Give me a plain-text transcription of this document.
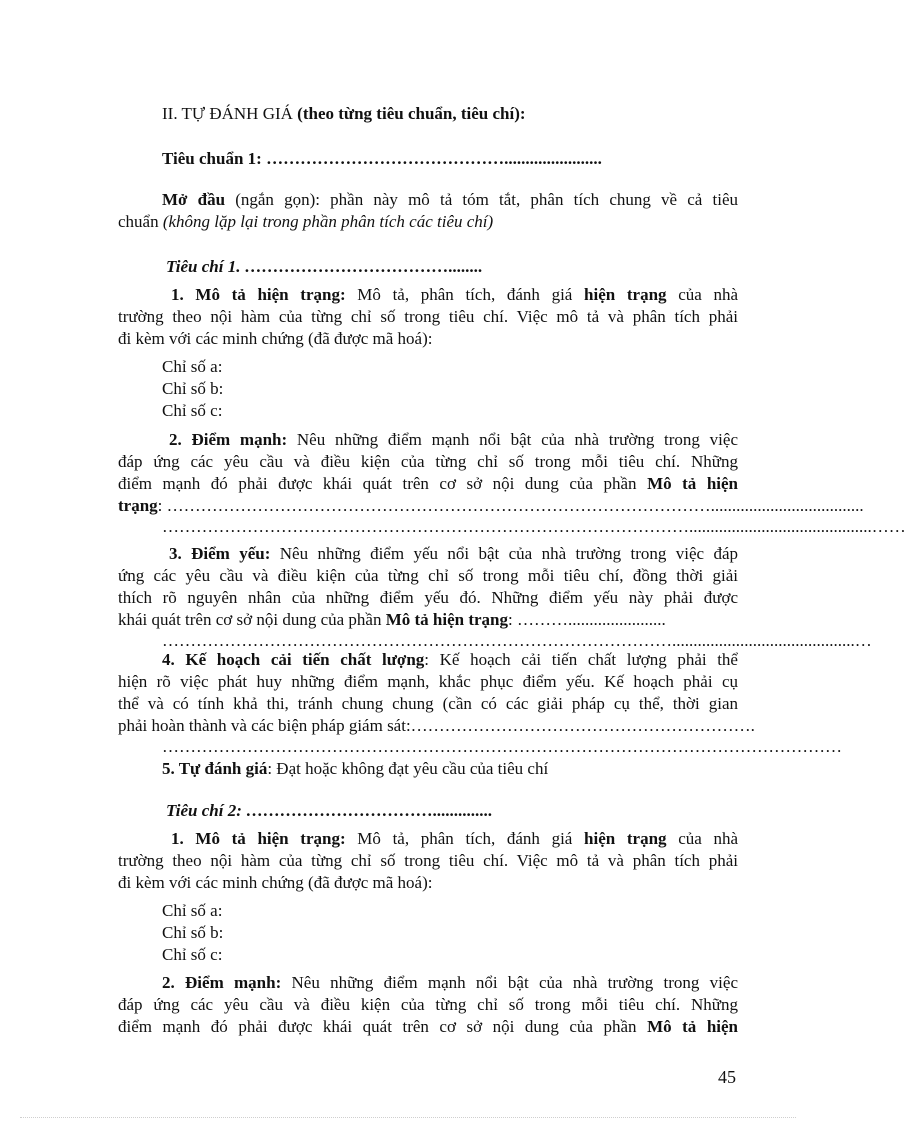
II. TỰ ĐÁNH GIÁ (theo từng tiêu chuẩn, tiêu chí):
Tiêu chuẩn 1: …………………………………….......................
Mở đầu (ngắn gọn): phần này mô tả tóm tắt, phân tích chung về cả tiêu
chuẩn (không lặp lại trong phần phân tích các tiêu chí)
Tiêu chí 1. ………………………………........
1. Mô tả hiện trạng: Mô tả, phân tích, đánh giá hiện trạng của nhà
trường theo nội hàm của từng chỉ số trong tiêu chí. Việc mô tả và phân tích phải
đi kèm với các minh chứng (đã được mã hoá):
Chỉ số a:
Chỉ số b:
Chỉ số c:
2. Điểm mạnh: Nêu những điểm mạnh nổi bật của nhà trường trong việc
đáp ứng các yêu cầu và điều kiện của từng chỉ số trong mỗi tiêu chí. Những
điểm mạnh đó phải được khái quát trên cơ sở nội dung của phần Mô tả hiện
trạng: ……………………………………………………………………………………....................................
…………………………………………………………………………………...........................................……
3. Điểm yếu: Nêu những điểm yếu nổi bật của nhà trường trong việc đáp
ứng các yêu cầu và điều kiện của từng chỉ số trong mỗi tiêu chí, đồng thời giải
thích rõ nguyên nhân của những điểm yếu đó. Những điểm yếu này phải được
khái quát trên cơ sở nội dung của phần Mô tả hiện trạng: ……….......................
………………………………………………………………………………...........................................…
4. Kế hoạch cải tiến chất lượng: Kế hoạch cải tiến chất lượng phải thể
hiện rõ việc phát huy những điểm mạnh, khắc phục điểm yếu. Kế hoạch phải cụ
thể và có tính khả thi, tránh chung chung (cần có các giải pháp cụ thể, thời gian
phải hoàn thành và các biện pháp giám sát:…………………………………………………….
…………………………………………………………………………………………………………
5. Tự đánh giá: Đạt hoặc không đạt yêu cầu của tiêu chí
Tiêu chí 2: ……………………………..............
1. Mô tả hiện trạng: Mô tả, phân tích, đánh giá hiện trạng của nhà
trường theo nội hàm của từng chỉ số trong tiêu chí. Việc mô tả và phân tích phải
đi kèm với các minh chứng (đã được mã hoá):
Chỉ số a:
Chỉ số b:
Chỉ số c:
2. Điểm mạnh: Nêu những điểm mạnh nổi bật của nhà trường trong việc
đáp ứng các yêu cầu và điều kiện của từng chỉ số trong mỗi tiêu chí. Những
điểm mạnh đó phải được khái quát trên cơ sở nội dung của phần Mô tả hiện
45
